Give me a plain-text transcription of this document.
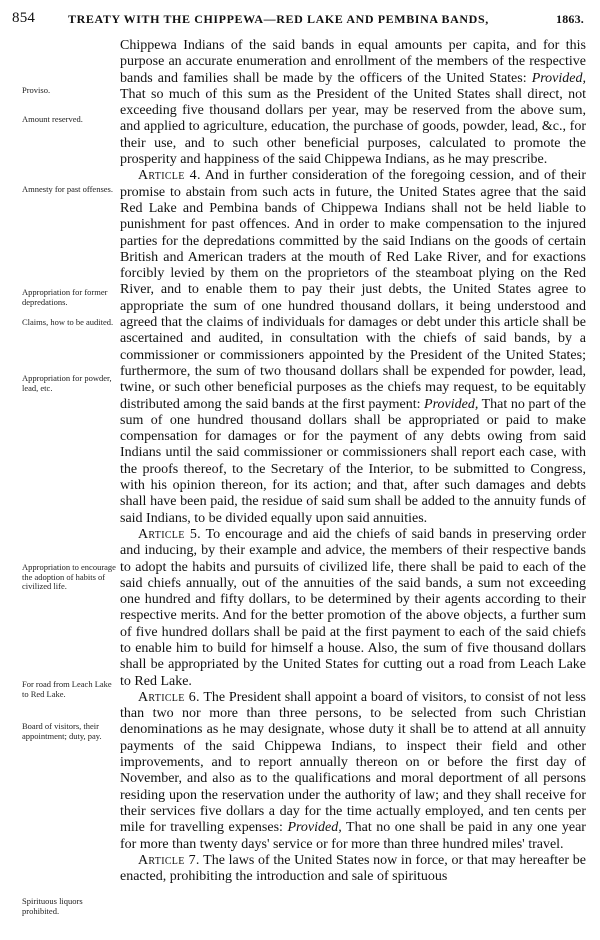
854	TREATY WITH THE CHIPPEWA—RED LAKE AND PEMBINA BANDS,	1863.
Proviso.
Amount reserved.
Amnesty for past offenses.
Appropriation for former depredations.
Claims, how to be audited.
Appropriation for powder, lead, etc.
Appropriation to encourage the adoption of habits of civilized life.
For road from Leach Lake to Red Lake.
Board of visitors, their appointment; duty, pay.
Spirituous liquors prohibited.

Chippewa Indians of the said bands in equal amounts per capita, and for this purpose an accurate enumeration and enrollment of the members of the respective bands and families shall be made by the officers of the United States: Provided, That so much of this sum as the President of the United States shall direct, not exceeding five thousand dollars per year, may be reserved from the above sum, and applied to agriculture, education, the purchase of goods, powder, lead, &c., for their use, and to such other beneficial purposes, calculated to promote the prosperity and happiness of the said Chippewa Indians, as he may prescribe.

Article 4. And in further consideration of the foregoing cession, and of their promise to abstain from such acts in future, the United States agree that the said Red Lake and Pembina bands of Chippewa Indians shall not be held liable to punishment for past offences. And in order to make compensation to the injured parties for the depredations committed by the said Indians on the goods of certain British and American traders at the mouth of Red Lake River, and for exactions forcibly levied by them on the proprietors of the steamboat plying on the Red River, and to enable them to pay their just debts, the United States agree to appropriate the sum of one hundred thousand dollars, it being understood and agreed that the claims of individuals for damages or debt under this article shall be ascertained and audited, in consultation with the chiefs of said bands, by a commissioner or commissioners appointed by the President of the United States; furthermore, the sum of two thousand dollars shall be expended for powder, lead, twine, or such other beneficial purposes as the chiefs may request, to be equitably distributed among the said bands at the first payment: Provided, That no part of the sum of one hundred thousand dollars shall be appropriated or paid to make compensation for damages or for the payment of any debts owing from said Indians until the said commissioner or commissioners shall report each case, with the proofs thereof, to the Secretary of the Interior, to be submitted to Congress, with his opinion thereon, for its action; and that, after such damages and debts shall have been paid, the residue of said sum shall be added to the annuity funds of said Indians, to be divided equally upon said annuities.

Article 5. To encourage and aid the chiefs of said bands in preserving order and inducing, by their example and advice, the members of their respective bands to adopt the habits and pursuits of civilized life, there shall be paid to each of the said chiefs annually, out of the annuities of the said bands, a sum not exceeding one hundred and fifty dollars, to be determined by their agents according to their respective merits. And for the better promotion of the above objects, a further sum of five hundred dollars shall be paid at the first payment to each of the said chiefs to enable him to build for himself a house. Also, the sum of five thousand dollars shall be appropriated by the United States for cutting out a road from Leach Lake to Red Lake.

Article 6. The President shall appoint a board of visitors, to consist of not less than two nor more than three persons, to be selected from such Christian denominations as he may designate, whose duty it shall be to attend at all annuity payments of the said Chippewa Indians, to inspect their field and other improvements, and to report annually thereon on or before the first day of November, and also as to the qualifications and moral deportment of all persons residing upon the reservation under the authority of law; and they shall receive for their services five dollars a day for the time actually employed, and ten cents per mile for travelling expenses: Provided, That no one shall be paid in any one year for more than twenty days' service or for more than three hundred miles' travel.

Article 7. The laws of the United States now in force, or that may hereafter be enacted, prohibiting the introduction and sale of spirituous
